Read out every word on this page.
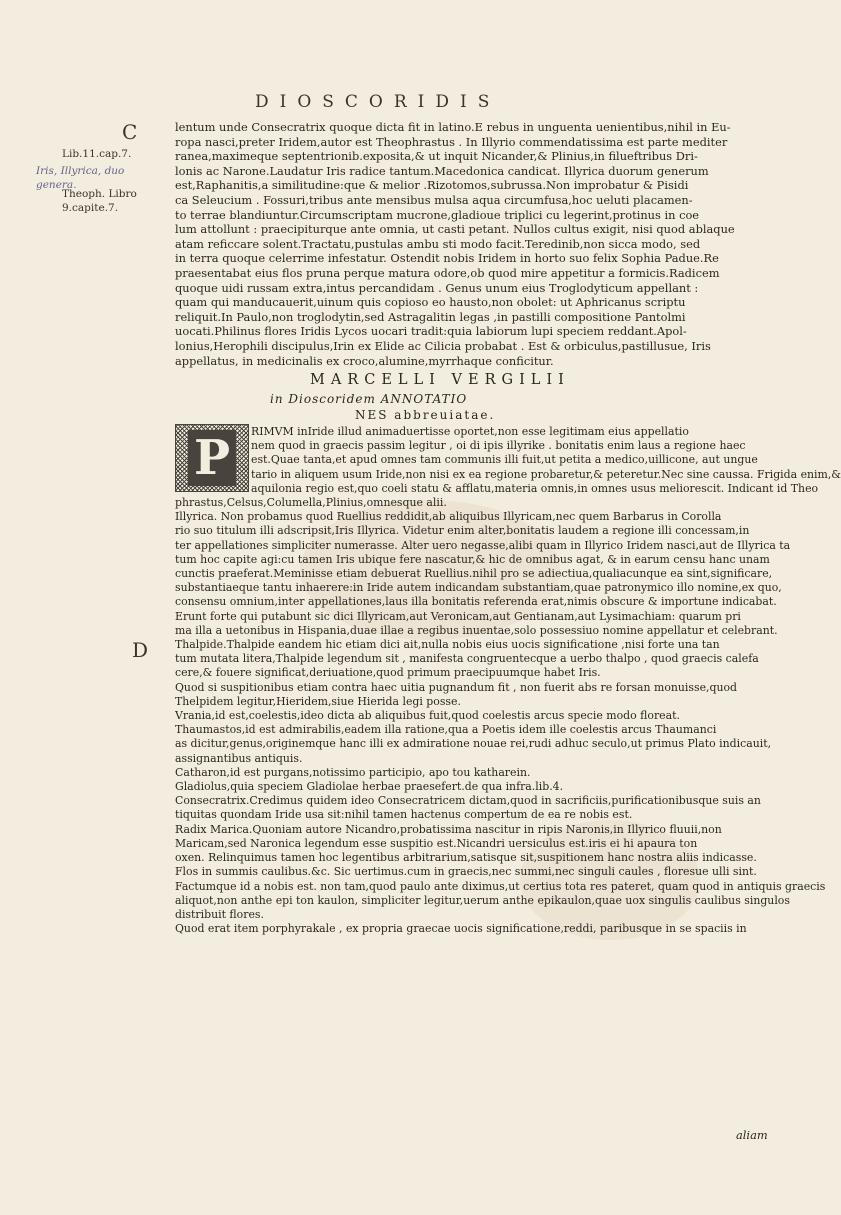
DIOSCORIDIS
C
D
Lib.11.cap.7.
Iris, Illyrica, duo genera.
Theoph. Libro
9.capite.7.

lentum unde Consecratrix quoque dicta fit in latino.E rebus in unguenta uenientibus,nihil in Eu-

ropa nasci,preter Iridem,autor est Theophrastus . In Illyrio commendatissima est parte mediter

ranea,maximeque septentrionib.exposita,& ut inquit Nicander,& Plinius,in filueftribus Dri-

lonis ac Narone.Laudatur Iris radice tantum.Macedonica candicat. Illyrica duorum generum

est,Raphanitis,a similitudine:que & melior .Rizotomos,subrussa.Non improbatur & Pisidi

ca Seleucium . Fossuri,tribus ante mensibus mulsa aqua circumfusa,hoc ueluti placamen-

to terrae blandiuntur.Circumscriptam mucrone,gladioue triplici cu legerint,protinus in coe

lum attollunt : praecipiturque ante omnia, ut casti petant. Nullos cultus exigit, nisi quod ablaque

atam reficcare solent.Tractatu,pustulas ambu sti modo facit.Teredinib,non sicca modo, sed

in terra quoque celerrime infestatur. Ostendit nobis Iridem in horto suo felix Sophia Padue.Re

praesentabat eius flos pruna perque matura odore,ob quod mire appetitur a formicis.Radicem

quoque uidi russam extra,intus percandidam . Genus unum eius Troglodyticum appellant :

quam qui manducauerit,uinum quis copioso eo hausto,non obolet: ut Aphricanus scriptu

reliquit.In Paulo,non troglodytin,sed Astragalitin legas ,in pastilli compositione Pantolmi

uocati.Philinus flores Iridis Lycos uocari tradit:quia labiorum lupi speciem reddant.Apol-

lonius,Herophili discipulus,Irin ex Elide ac Cilicia probabat . Est & orbiculus,pastillusue, Iris

appellatus, in medicinalis ex croco,alumine,myrrhaque conficitur.

MARCELLI VERGILII
in Dioscoridem ANNOTATIO
NES abbreuiatae.
P	RIMVM inIride illud animaduertisse oportet,non esse legitimam eius appellatio

nem quod in graecis passim legitur , oi di ipis illyrike . bonitatis enim laus a regione haec

est.Quae tanta,et apud omnes tam communis illi fuit,ut petita a medico,uillicone, aut ungue

tario in aliquem usum Iride,non nisi ex ea regione probaretur,& peteretur.Nec sine caussa. Frigida enim,&

aquilonia regio est,quo coeli statu & afflatu,materia omnis,in omnes usus meliorescit. Indicant id Theo

phrastus,Celsus,Columella,Plinius,omnesque alii.

Illyrica. Non probamus quod Ruellius reddidit,ab aliquibus Illyricam,nec quem Barbarus in Corolla

rio suo titulum illi adscripsit,Iris Illyrica. Videtur enim alter,bonitatis laudem a regione illi concessam,in

ter appellationes simpliciter numerasse. Alter uero negasse,alibi quam in Illyrico Iridem nasci,aut de Illyrica ta

tum hoc capite agi:cu tamen Iris ubique fere nascatur,& hic de omnibus agat, & in earum censu hanc unam

cunctis praeferat.Meminisse etiam debuerat Ruellius.nihil pro se adiectiua,qualiacunque ea sint,significare,

substantiaeque tantu inhaerere:in Iride autem indicandam substantiam,quae patronymico illo nomine,ex quo,

consensu omnium,inter appellationes,laus illa bonitatis referenda erat,nimis obscure & importune indicabat.

Erunt forte qui putabunt sic dici Illyricam,aut Veronicam,aut Gentianam,aut Lysimachiam: quarum pri

ma illa a uetonibus in Hispania,duae illae a regibus inuentae,solo possessiuo nomine appellatur et celebrant.

Thalpide.Thalpide eandem hic etiam dici ait,nulla nobis eius uocis significatione ,nisi forte una tan

tum mutata litera,Thalpide legendum sit , manifesta congruentecque a uerbo thalpo , quod graecis calefa

cere,& fouere significat,deriuatione,quod primum praecipuumque habet Iris.

Quod si suspitionibus etiam contra haec uitia pugnandum fit , non fuerit abs re forsan monuisse,quod

Thelpidem legitur,Hieridem,siue Hierida legi posse.

Vrania,id est,coelestis,ideo dicta ab aliquibus fuit,quod coelestis arcus specie modo floreat.

Thaumastos,id est admirabilis,eadem illa ratione,qua a Poetis idem ille coelestis arcus Thaumanci

as dicitur,genus,originemque hanc illi ex admiratione nouae rei,rudi adhuc seculo,ut primus Plato indicauit,

assignantibus antiquis.

Catharon,id est purgans,notissimo participio, apo tou katharein.

Gladiolus,quia speciem Gladiolae herbae praesefert.de qua infra.lib.4.

Consecratrix.Credimus quidem ideo Consecratricem dictam,quod in sacrificiis,purificationibusque suis an

tiquitas quondam Iride usa sit:nihil tamen hactenus compertum de ea re nobis est.

Radix Marica.Quoniam autore Nicandro,probatissima nascitur in ripis Naronis,in Illyrico fluuii,non

Maricam,sed Naronica legendum esse suspitio est.Nicandri uersiculus est.iris ei hi apaura ton

oxen. Relinquimus tamen hoc legentibus arbitrarium,satisque sit,suspitionem hanc nostra aliis indicasse.

Flos in summis caulibus.&c. Sic uertimus.cum in graecis,nec summi,nec singuli caules , floresue ulli sint.

Factumque id a nobis est. non tam,quod paulo ante diximus,ut certius tota res pateret, quam quod in antiquis graecis

aliquot,non anthe epi ton kaulon, simpliciter legitur,uerum anthe epikaulon,quae uox singulis caulibus singulos

distribuit flores.

Quod erat item porphyrakale , ex propria graecae uocis significatione,reddi, paribusque in se spaciis in

aliam
